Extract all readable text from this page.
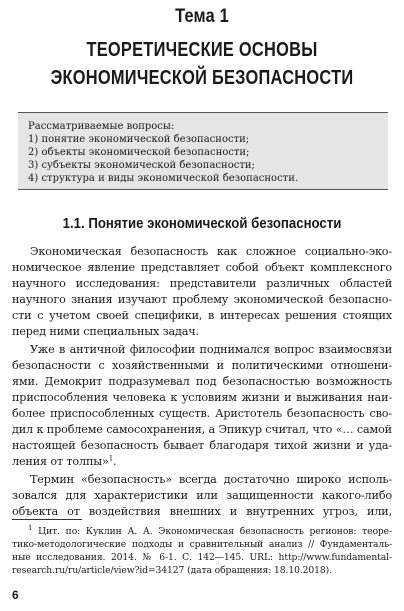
Тема 1
ТЕОРЕТИЧЕСКИЕ ОСНОВЫ
ЭКОНОМИЧЕСКОЙ БЕЗОПАСНОСТИ
Рассматриваемые вопросы:
1) понятие экономической безопасности;
2) объекты экономической безопасности;
3) субъекты экономической безопасности;
4) структура и виды экономической безопасности.
1.1. Понятие экономической безопасности
Экономическая безопасность как сложное социально-эко-
номическое явление представляет собой объект комплексного
научного исследования: представители различных областей
научного знания изучают проблему экономической безопасно-
сти с учетом своей специфики, в интересах решения стоящих
перед ними специальных задач.
Уже в античной философии поднимался вопрос взаимосвязи
безопасности с хозяйственными и политическими отношени-
ями. Демокрит подразумевал под безопасностью возможность
приспособления человека к условиям жизни и выживания наи-
более приспособленных существ. Аристотель безопасность сво-
дил к проблеме самосохранения, а Эпикур считал, что «… самой
настоящей безопасность бывает благодаря тихой жизни и уда-
ления от толпы»$^1$.
Термин «безопасность» всегда достаточно широко исполь-
зовался для характеристики или защищенности какого-либо
объекта от воздействия внешних и внутренних угроз, или,
$^1$ Цит. по: Куклин А. А. Экономическая безопасность регионов: теоре-
тико-методологические подходы и сравнительный анализ // Фундаменталь-
ные исследования. 2014. № 6-1. С. 142—145. URL: http://www.fundamental-
research.ru/ru/article/view?id=34127 (дата обращения: 18.10.2018).
6
